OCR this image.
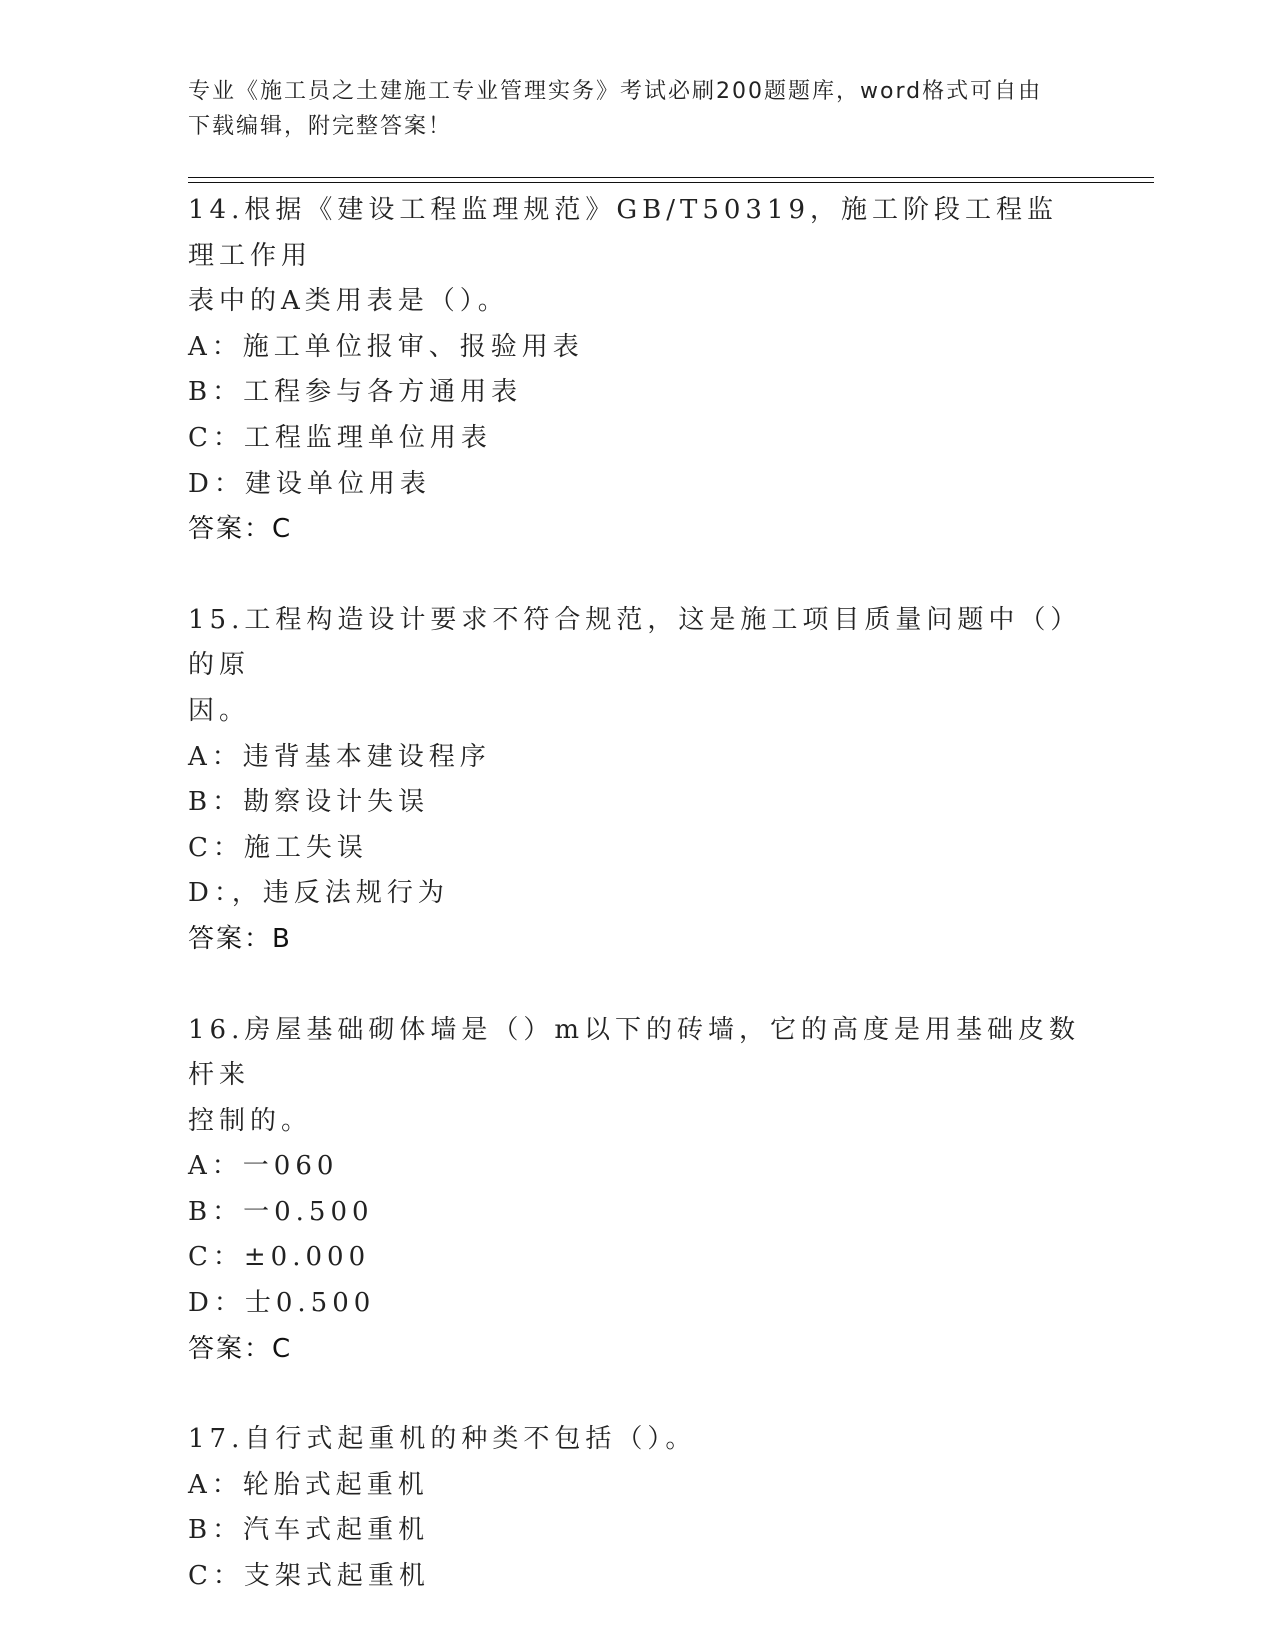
专业《施工员之土建施工专业管理实务》考试必刷200题题库，word格式可自由
下载编辑，附完整答案！
14.根据《建设工程监理规范》GB/T50319，施工阶段工程监理工作用
表中的A类用表是（）。
A：施工单位报审、报验用表
B：工程参与各方通用表
C：工程监理单位用表
D：建设单位用表
答案：C
15.工程构造设计要求不符合规范，这是施工项目质量问题中（）的原
因。
A：违背基本建设程序
B：勘察设计失误
C：施工失误
D：，违反法规行为
答案：B
16.房屋基础砌体墙是（）m以下的砖墙，它的高度是用基础皮数杆来
控制的。
A：一060
B：一0.500
C：±0.000
D：士0.500
答案：C
17.自行式起重机的种类不包括（）。
A：轮胎式起重机
B：汽车式起重机
C：支架式起重机
